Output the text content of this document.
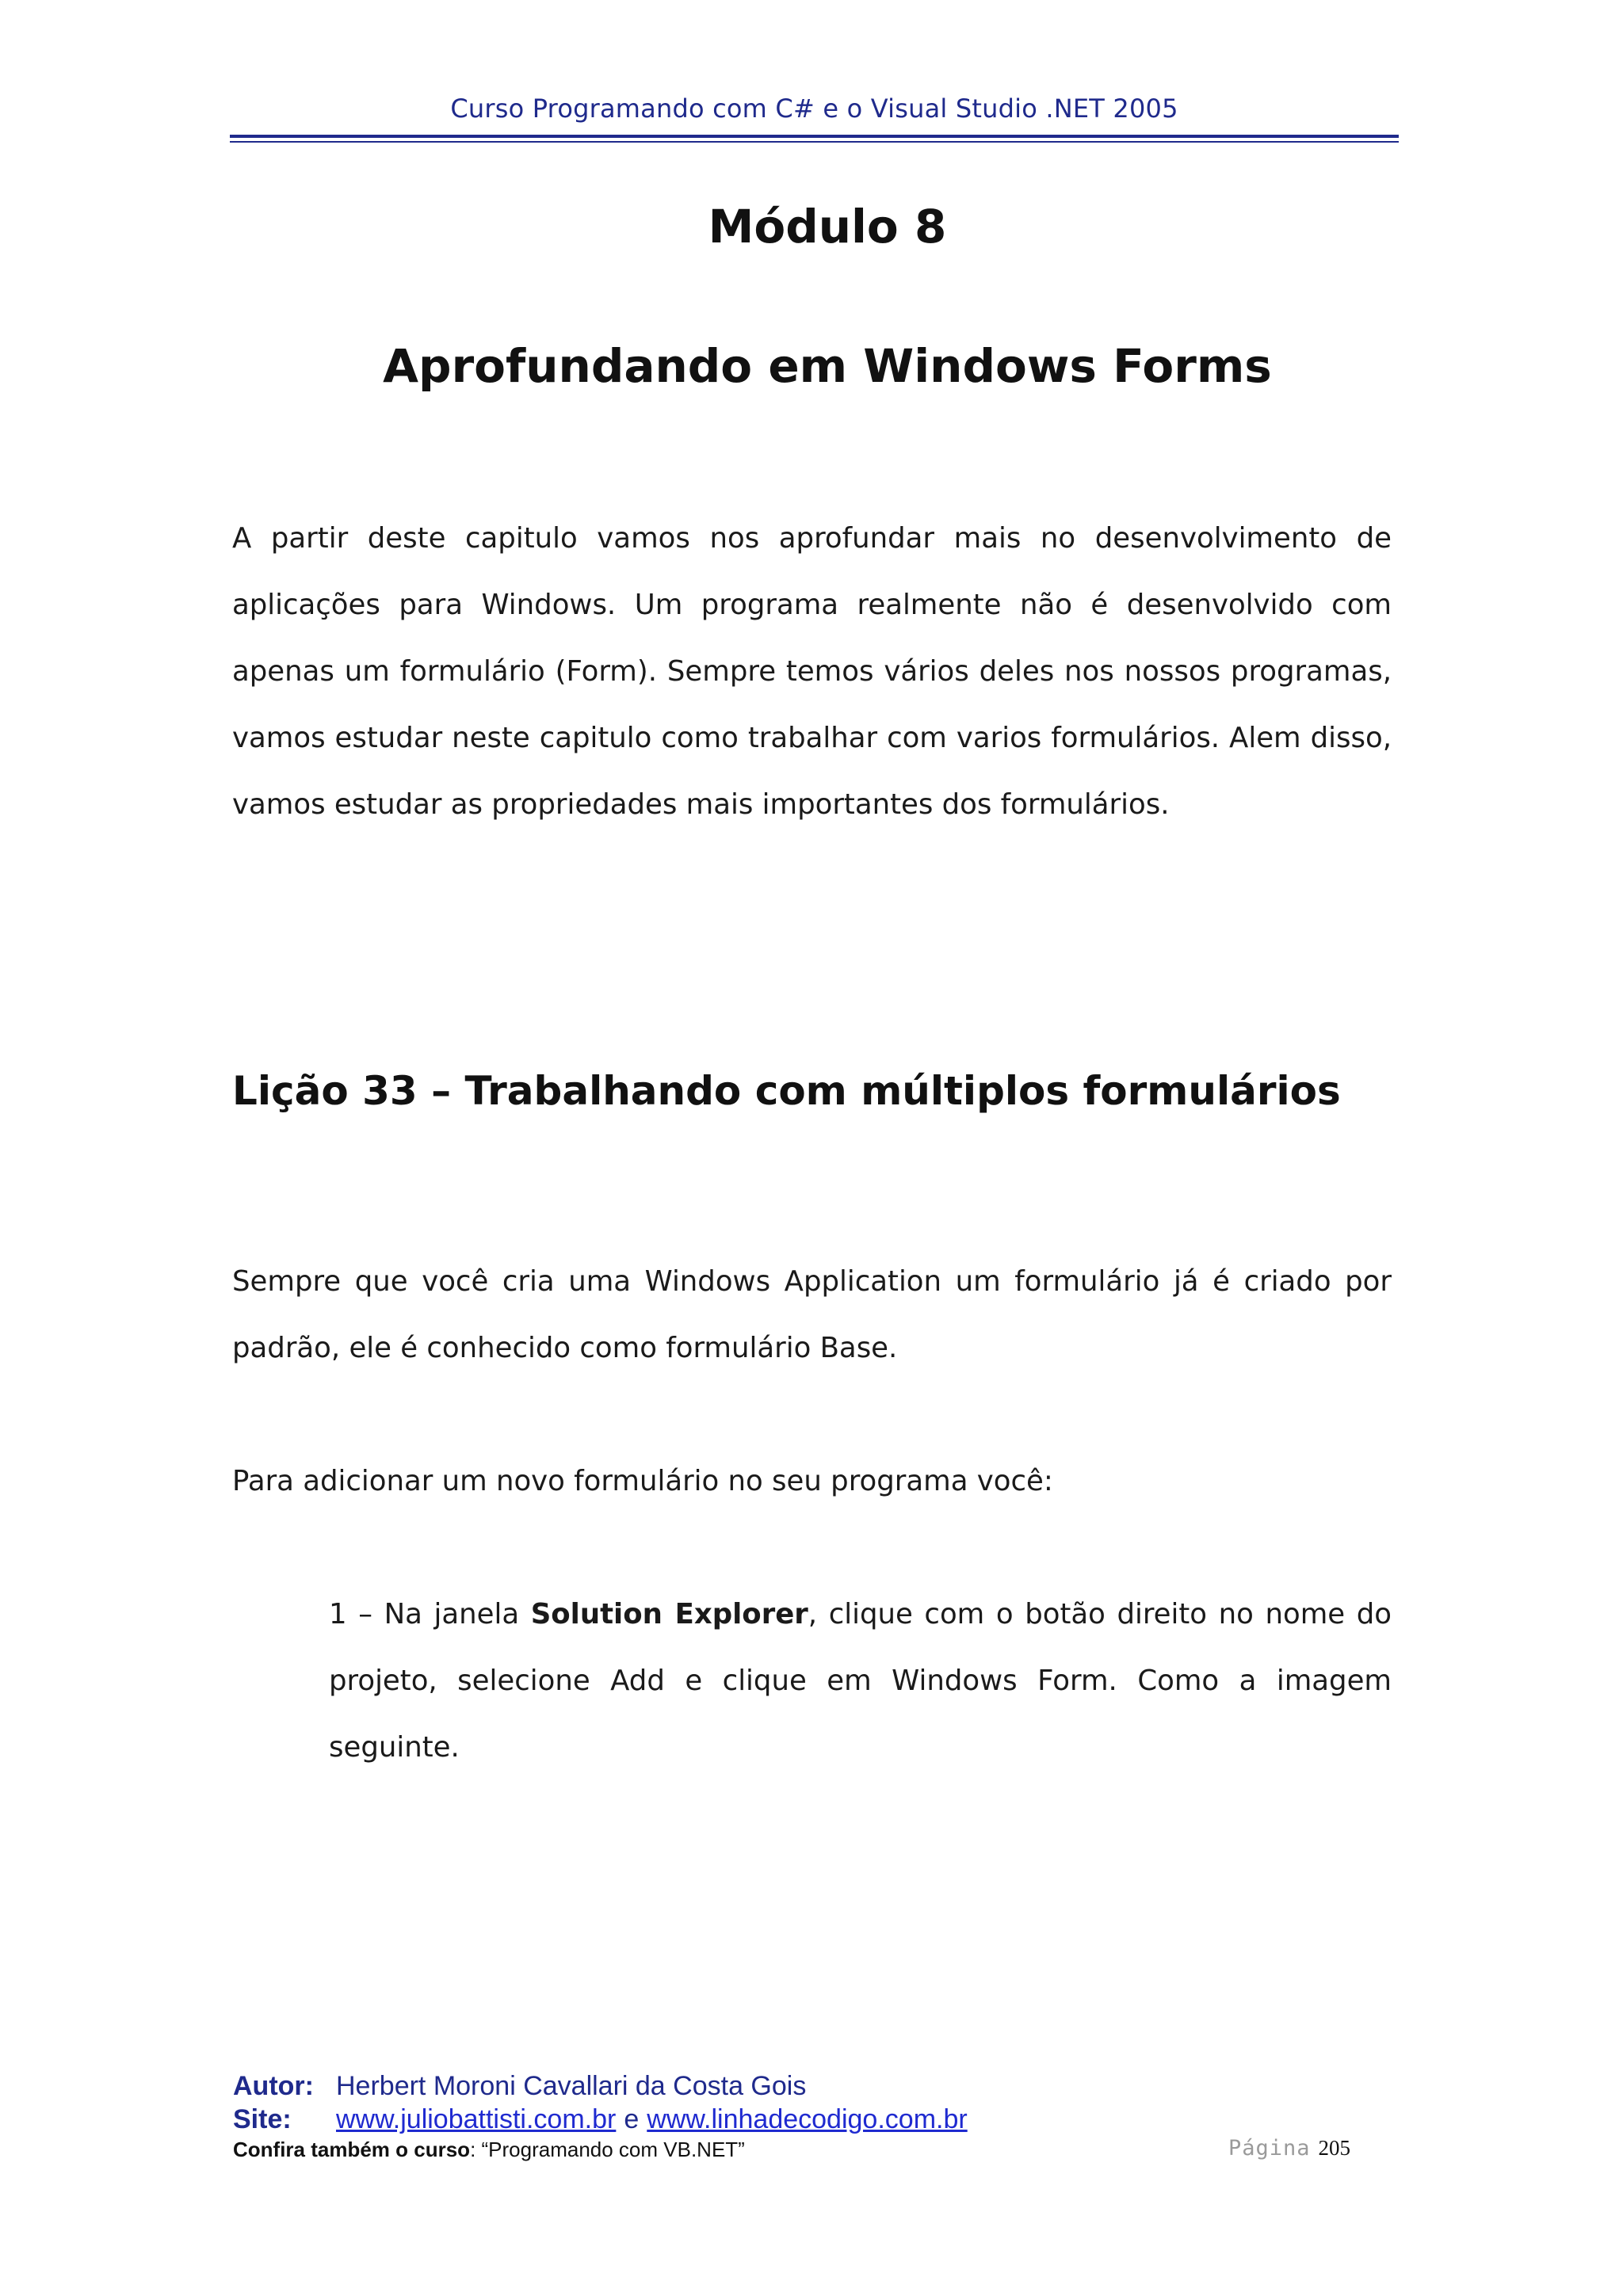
Curso Programando com C# e o Visual Studio .NET 2005
Módulo 8
Aprofundando em Windows Forms

A partir deste capitulo vamos nos aprofundar mais no desenvolvimento de aplicações para Windows. Um programa realmente não é desenvolvido com apenas um formulário (Form). Sempre temos vários deles nos nossos programas, vamos estudar neste capitulo como trabalhar com varios formulários. Alem disso, vamos estudar as propriedades mais importantes dos formulários.

Lição 33 – Trabalhando com múltiplos formulários

Sempre que você cria uma Windows Application um formulário já é criado por padrão, ele é conhecido como formulário Base.

Para adicionar um novo formulário no seu programa você:

1 – Na janela Solution Explorer, clique com o botão direito no nome do projeto, selecione Add e clique em Windows Form. Como a imagem seguinte.

Autor: Herbert Moroni Cavallari da Costa Gois
Site:	www.juliobattisti.com.br e www.linhadecodigo.com.br
Confira também o curso : “Programando com VB.NET”	Página 205
